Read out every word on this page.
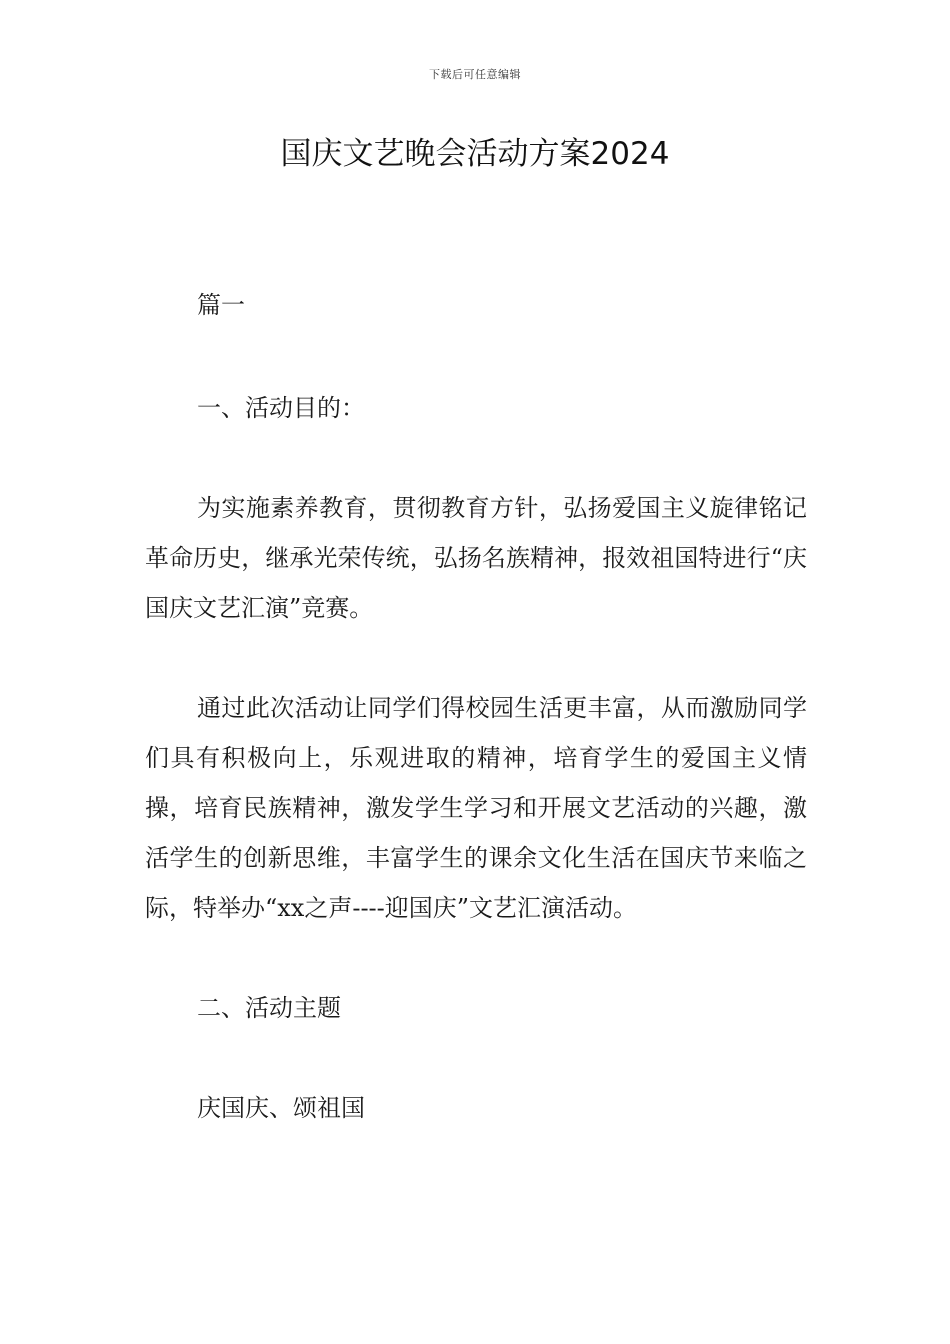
下载后可任意编辑
国庆文艺晚会活动方案2024

篇一

一、活动目的：

为实施素养教育，贯彻教育方针，弘扬爱国主义旋律铭记革命历史，继承光荣传统，弘扬名族精神，报效祖国特进行“庆国庆文艺汇演”竞赛。

通过此次活动让同学们得校园生活更丰富，从而激励同学们具有积极向上，乐观进取的精神，培育学生的爱国主义情操，培育民族精神，激发学生学习和开展文艺活动的兴趣，激活学生的创新思维，丰富学生的课余文化生活在国庆节来临之际，特举办“xx之声----迎国庆”文艺汇演活动。

二、活动主题

庆国庆、颂祖国
